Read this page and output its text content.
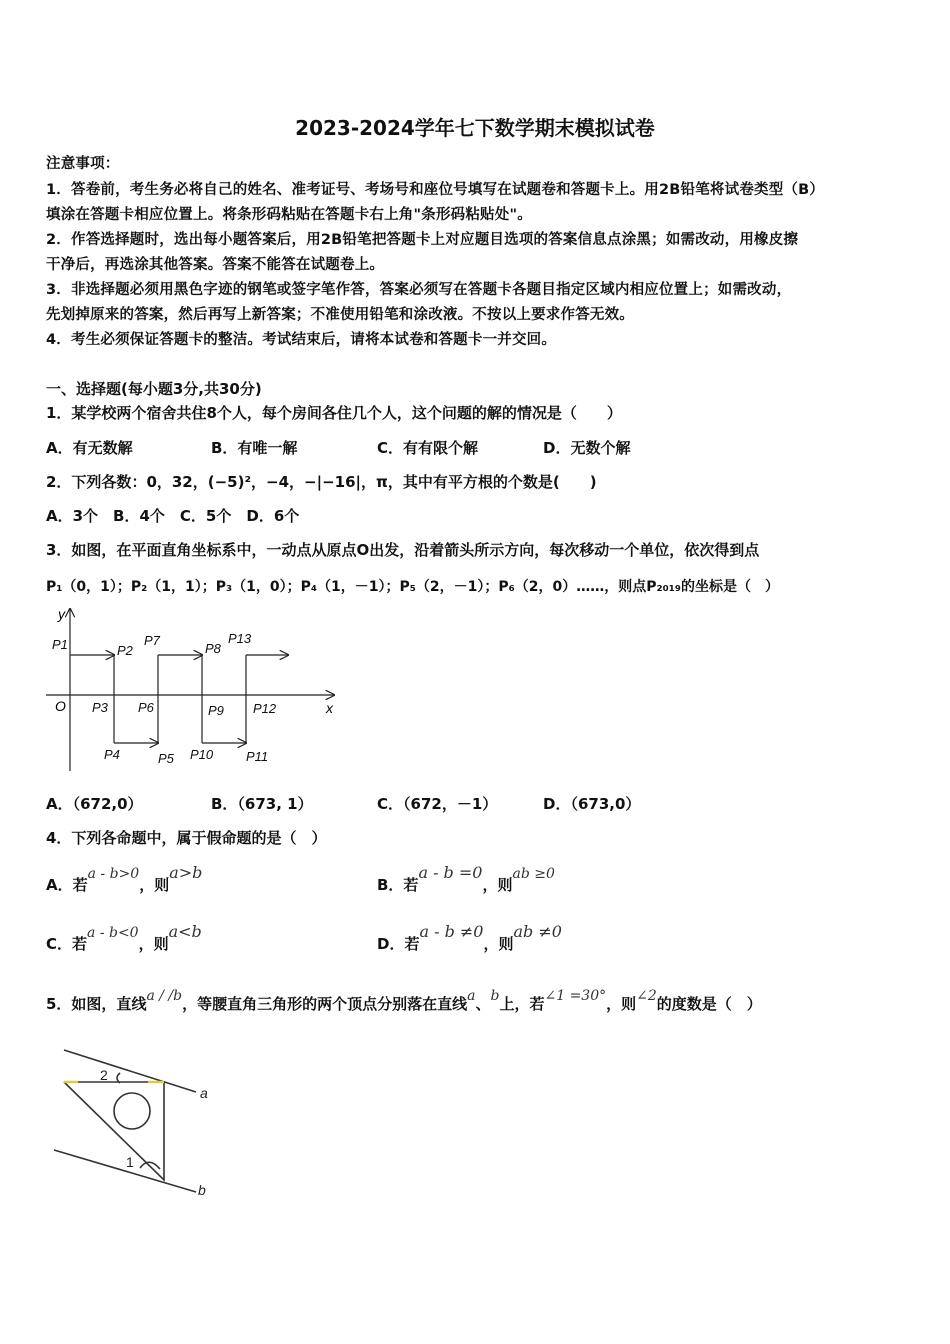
2023-2024学年七下数学期末模拟试卷
注意事项：
1．答卷前，考生务必将自己的姓名、准考证号、考场号和座位号填写在试题卷和答题卡上。用2B铅笔将试卷类型（B）
填涂在答题卡相应位置上。将条形码粘贴在答题卡右上角"条形码粘贴处"。
2．作答选择题时，选出每小题答案后，用2B铅笔把答题卡上对应题目选项的答案信息点涂黑；如需改动，用橡皮擦
干净后，再选涂其他答案。答案不能答在试题卷上。
3．非选择题必须用黑色字迹的钢笔或签字笔作答，答案必须写在答题卡各题目指定区域内相应位置上；如需改动，
先划掉原来的答案，然后再写上新答案；不准使用铅笔和涂改液。不按以上要求作答无效。
4．考生必须保证答题卡的整洁。考试结束后，请将本试卷和答题卡一并交回。
一、选择题(每小题3分,共30分)
1．某学校两个宿舍共住8个人，每个房间各住几个人，这个问题的解的情况是（　　）
A．有无数解	B．有唯一解	C．有有限个解	D．无数个解
2．下列各数：0，32，(−5)²，−4，−|−16|，π，其中有平方根的个数是(　　)
A．3个　B．4个　C．5个　D．6个
3．如图，在平面直角坐标系中，一动点从原点O出发，沿着箭头所示方向，每次移动一个单位，依次得到点
P₁（0，1）；P₂（1，1）；P₃（1，0）；P₄（1，－1）；P₅（2，－1）；P₆（2，0）……，则点P₂₀₁₉的坐标是（　）
x
y
O
P1	P2
P3
P4	P5
P6
P7
P8
P9
P10	P11
P12
P13
A．（672,0）	B．（673, 1）	C．（672，－1）	D．（673,0）
4．下列各命题中，属于假命题的是（　）
A．若a - b>0，则a>b
B．若a - b =0，则ab ≥0
C．若a - b<0，则a<b
D．若a - b ≠0，则ab ≠0
5．如图，直线a / /b，等腰直角三角形的两个顶点分别落在直线a、b上，若∠1 =30°，则∠2的度数是（　）
a
b
1
2
